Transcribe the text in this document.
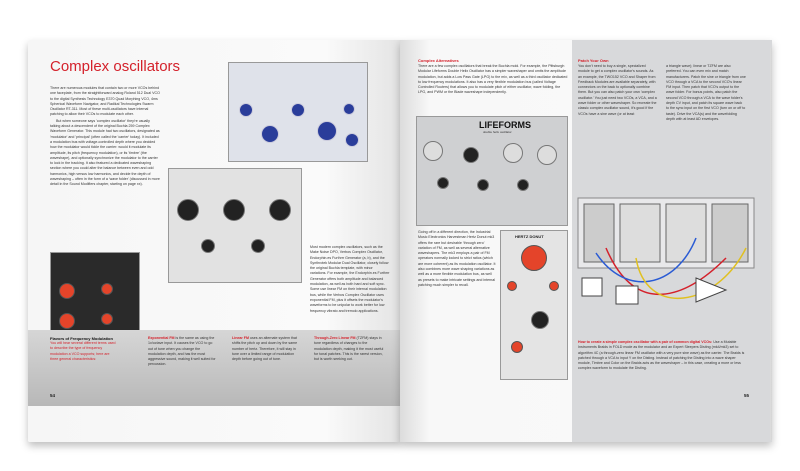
Complex oscillators
There are numerous modules that contain two or more VCOs behind one faceplate, from the straightforward analog Roland 512 Dual VCO to the digital Synthesis Technology E370 Quad Morphing VCO, 4ms Spherical Waveform Navigator, and Radikal Technologies Swarm Oscillator RT-311. Most of these multi-oscillators have internal patching to allow their VCOs to modulate each other.
But when someone says 'complex oscillator' they're usually talking about a descendent of the original Buchla 259 Complex Waveform Generator. This module had two oscillators, designated as 'modulator' and 'principal' (often called the 'carrier' today). It included a modulation bus with voltage-controlled depth where you decided how the modulator would tickle the carrier: would it modulate its amplitude, its pitch (frequency modulation), or its 'timbre' (the waveshape), and optionally synchronize the modulator to the carrier to lock in the tracking. It also featured a dedicated waveshaping section where you could alter the balance between even and odd harmonics, high versus low harmonics, and decide the depth of waveshaping – often in the form of a 'wave folder' (discussed in more detail in the Sound Modifiers chapter, starting on page xx).
Most modern complex oscillators, such as the Make Noise DPO, Verbos Complex Oscillator, Endorphin.es Furthrrr Generator (a, b), and the Synthrotek Modular Dual Oscillator, closely follow the original Buchla template, with minor variations. For example, the Endorphin.es Furthrrr Generator offers both amplitude and balanced modulation, as well as both hard and soft sync. Some use linear FM on their internal modulation bus, while the Verbos Complex Oscillator uses exponential FM, plus it offsets the modulator's waveforms to be unipolar to work better for low frequency vibrato and tremolo applications.
Flavors of Frequency Modulation
You will hear several different terms used to describe the type of frequency modulation a VCO supports; here are three general characteristics:
Exponential FM is the same as using the 1v/octave input. It causes the VCO to go out of tune when you change the modulation depth, and has the most aggressive sound, making it well suited for percussion.
Linear FM uses an alternate system that shifts the pitch up and down by the same number of hertz. Therefore, it will stay in tune over a limited range of modulation depth before going out of tune.
Through-Zero Linear FM (TZFM) stays in tune regardless of changes to the modulation depth, making it the most useful for tonal patches. This is the rarest version, but is worth seeking out.
54
Complex Alternatives
There are a few complex oscillators that break the Buchla mold. For example, the Pittsburgh Modular Lifeforms Double Helix Oscillator has a simpler waveshaper and omits the amplitude modulation, but adds a Low Pass Gate (LPG) to the mix, as well as a third oscillator dedicated to low frequency modulations. It also has a very flexible modulation bus (called Voltage Controlled Routers) that allows you to modulate pitch of either oscillator, wave folding, the LPG, and PWM or the Blade waveshape independently.
LIFEFORMS
double helix oscillator
Going off in a different direction, the Industrial Music Electronics Harvestman Hertz Donut mk3 offers the rare but desirable 'through zero' variation of FM, as well as several alternative waveshapers. The mk3 employs a pair of FM operators normally locked to strict ratios (which are more coherent) as its modulation oscillator. It also combines more wave shaping variations as well as a more flexible modulation bus, as well as presets to make intricate settings and internal patching much simpler to recall.
HERTZ DONUT
Patch Your Own
You don't need to buy a single, specialized module to get a complex oscillator's sounds. As an example, the TWO152 VCO and Shaper from Feedback Modules are available separately, with connectors on the back to optionally combine them. But you can also patch your own 'complex oscillator.' You just need two VCOs, a VCA, and a wave folder or other waveshaper. So recreate the classic complex oscillator sound, it's good if the VCOs have a sine wave (or at least
a triangle wave); linear or TZFM are also preferred. You can even mix and match manufacturers. Patch the sine or triangle from one VCO through a VCA to the second VCO's linear FM input. Then patch that VCO's output to the wave folder. For bonus points, also patch the second VCO through a VCA to the wave folder's depth CV input, and patch its square wave back to the sync input on the first VCO (turn on or off to taste). Drive the VCA(s) and the wavefolding depth with at least AD envelopes.
How to create a simple complex oscillator with a pair of common digital VCOs: Use a Mutable Instruments Braids in FOLD mode as the modulator and an Expert Sleepers Disting (mk4/mk3) set to algorithm 4C (a through-zero linear FM oscillator with a very pure sine wave) as the carrier. The Braids is patched through a VCA to input Y on the Disting. Instead of patching the Disting into a wave shaper module, Timbre and Color on the Braids acts as the waveshaper – in this case, creating a more or less complex waveform to modulate the Disting.
55
